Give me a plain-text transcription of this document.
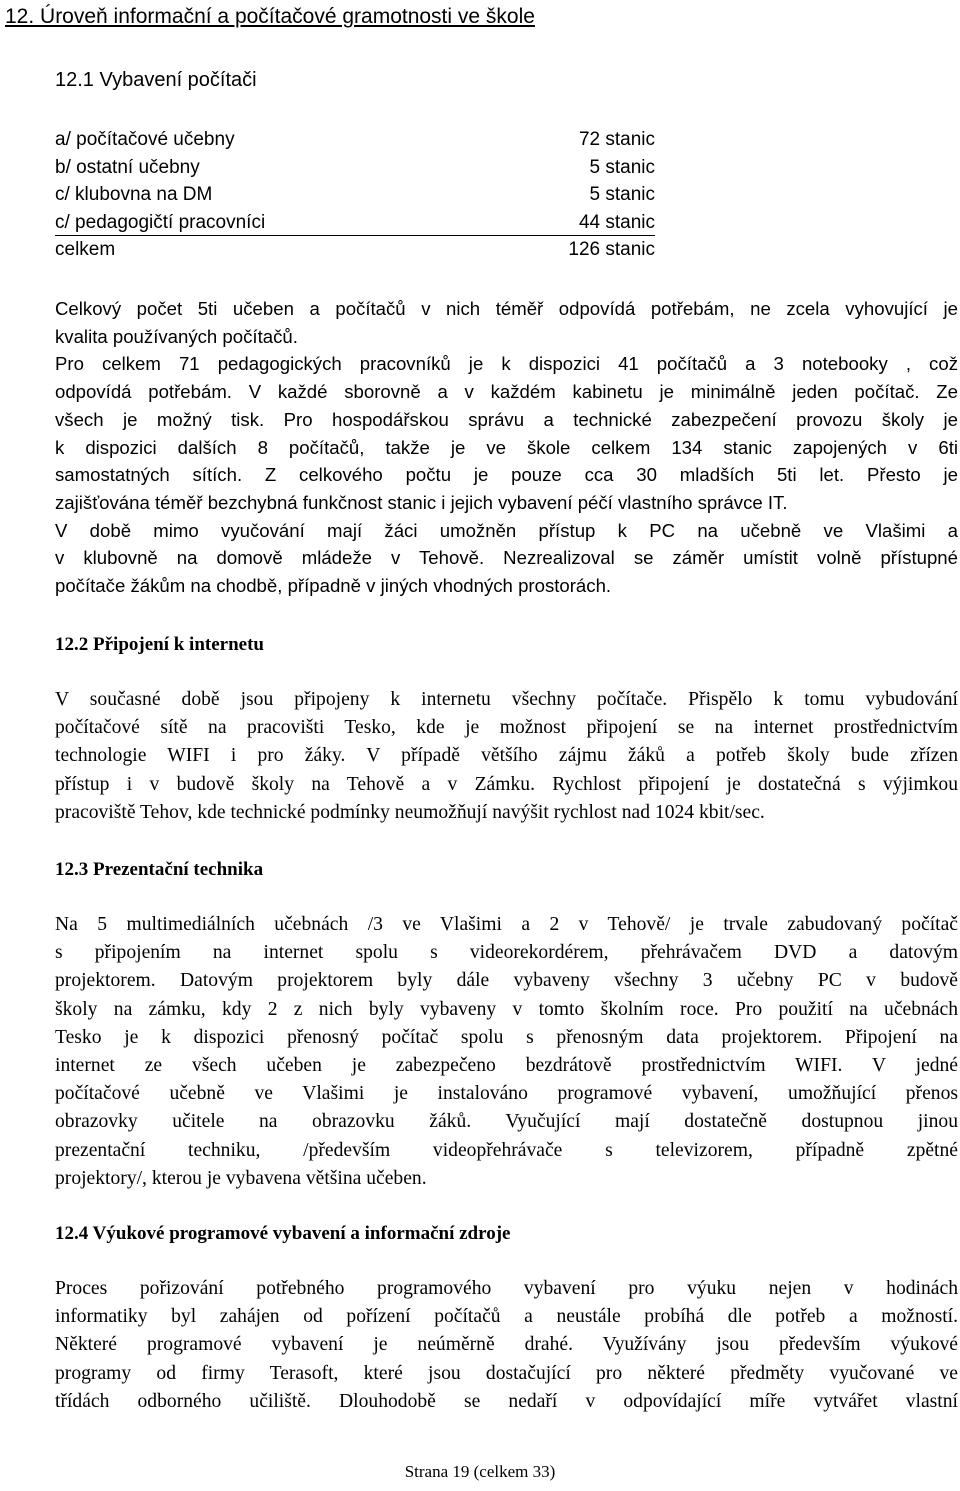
12. Úroveň informační a počítačové gramotnosti ve škole
12.1 Vybavení počítači
a/ počítačové učebny	72 stanic
b/ ostatní učebny	5 stanic
c/ klubovna na DM	5 stanic
c/ pedagogičtí pracovníci	44 stanic
celkem	126 stanic
Celkový počet 5ti učeben a počítačů v nich téměř odpovídá potřebám, ne zcela vyhovující je
kvalita používaných počítačů.
Pro celkem 71 pedagogických pracovníků je k dispozici 41 počítačů a 3 notebooky , což
odpovídá potřebám. V každé sborovně a v každém kabinetu je minimálně jeden počítač. Ze
všech je možný tisk. Pro hospodářskou správu a technické zabezpečení provozu školy je
k dispozici dalších 8 počítačů, takže je ve škole celkem 134 stanic zapojených v 6ti
samostatných sítích. Z celkového počtu je pouze cca 30 mladších 5ti let. Přesto je
zajišťována téměř bezchybná funkčnost stanic i jejich vybavení péčí vlastního správce IT.
V době mimo vyučování mají žáci umožněn přístup k PC na učebně ve Vlašimi a
v klubovně na domově mládeže v Tehově. Nezrealizoval se záměr umístit volně přístupné
počítače žákům na chodbě, případně v jiných vhodných prostorách.
12.2 Připojení k internetu
V současné době jsou připojeny k internetu všechny počítače. Přispělo k tomu vybudování
počítačové sítě na pracovišti Tesko, kde je možnost připojení se na internet prostřednictvím
technologie WIFI i pro žáky. V případě většího zájmu žáků a potřeb školy bude zřízen
přístup i v budově školy na Tehově a v Zámku. Rychlost připojení je dostatečná s výjimkou
pracoviště Tehov, kde technické podmínky neumožňují navýšit rychlost nad 1024 kbit/sec.
12.3 Prezentační technika
Na 5 multimediálních učebnách /3 ve Vlašimi a 2 v Tehově/ je trvale zabudovaný počítač
s připojením na internet spolu s videorekordérem, přehrávačem DVD a datovým
projektorem. Datovým projektorem byly dále vybaveny všechny 3 učebny PC v budově
školy na zámku, kdy 2 z nich byly vybaveny v tomto školním roce. Pro použití na učebnách
Tesko je k dispozici přenosný počítač spolu s přenosným data projektorem. Připojení na
internet ze všech učeben je zabezpečeno bezdrátově prostřednictvím WIFI. V jedné
počítačové učebně ve Vlašimi je instalováno programové vybavení, umožňující přenos
obrazovky učitele na obrazovku žáků. Vyučující mají dostatečně dostupnou jinou
prezentační techniku, /především videopřehrávače s televizorem, případně zpětné
projektory/, kterou je vybavena většina učeben.
12.4 Výukové programové vybavení a informační zdroje
Proces pořizování potřebného programového vybavení pro výuku nejen v hodinách
informatiky byl zahájen od pořízení počítačů a neustále probíhá dle potřeb a možností.
Některé programové vybavení je neúměrně drahé. Využívány jsou především výukové
programy od firmy Terasoft, které jsou dostačující pro některé předměty vyučované ve
třídách odborného učiliště. Dlouhodobě se nedaří v odpovídající míře vytvářet vlastní
Strana 19 (celkem 33)
